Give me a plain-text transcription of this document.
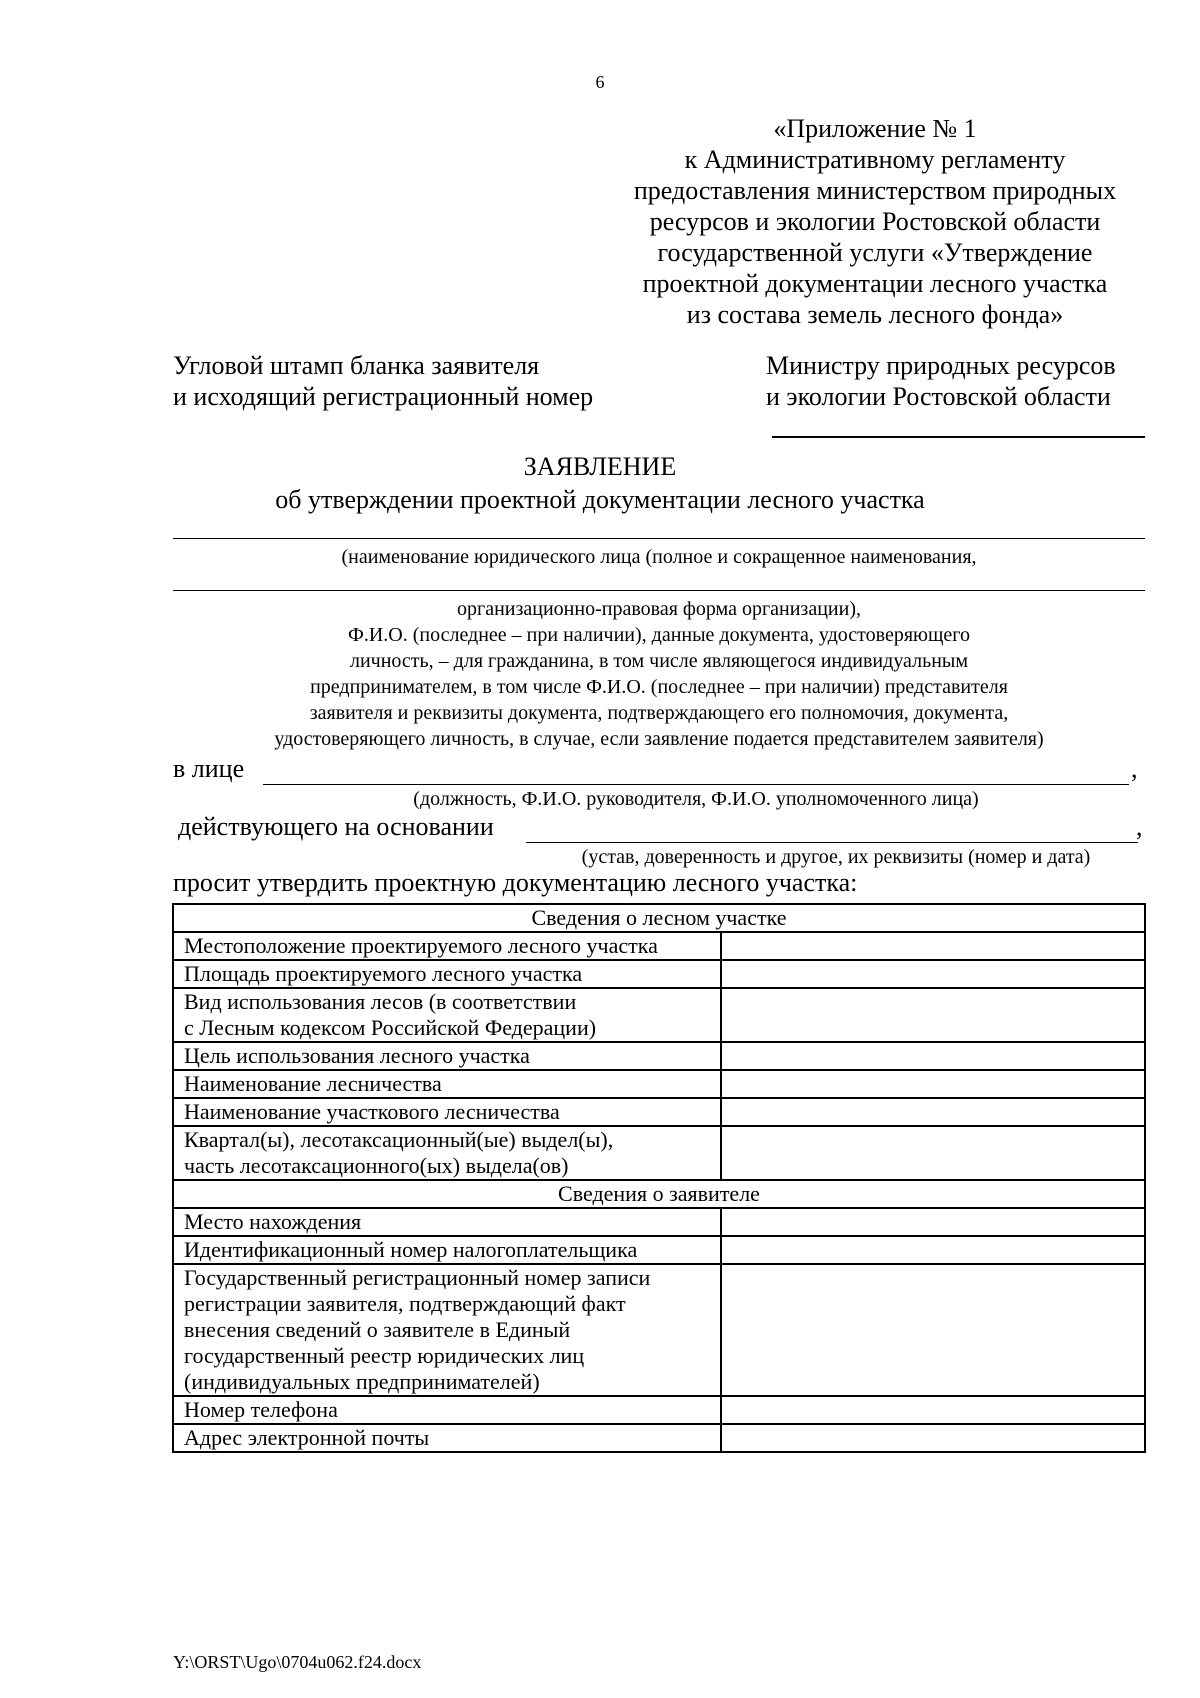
6
«Приложение № 1
к Административному регламенту
предоставления министерством природных
ресурсов и экологии Ростовской области
государственной услуги «Утверждение
проектной документации лесного участка
из состава земель лесного фонда»
Угловой штамп бланка заявителя
и исходящий регистрационный номер
Министру природных ресурсов
и экологии Ростовской области
ЗАЯВЛЕНИЕ
об утверждении проектной документации лесного участка
(наименование юридического лица (полное и сокращенное наименования,
организационно-правовая форма организации),
Ф.И.О. (последнее – при наличии), данные документа, удостоверяющего
личность, – для гражданина, в том числе являющегося индивидуальным
предпринимателем, в том числе Ф.И.О. (последнее – при наличии) представителя
заявителя и реквизиты документа, подтверждающего его полномочия, документа,
удостоверяющего личность, в случае, если заявление подается представителем заявителя)
в лице	,
(должность, Ф.И.О. руководителя, Ф.И.О. уполномоченного лица)
действующего на основании	,
(устав, доверенность и другое, их реквизиты (номер и дата)
просит утвердить проектную документацию лесного участка:
Сведения о лесном участке	
Местоположение проектируемого лесного участка	
Площадь проектируемого лесного участка	
Вид использования лесов (в соответствии
с Лесным кодексом Российской Федерации)	
Цель использования лесного участка	
Наименование лесничества	
Наименование участкового лесничества	
Квартал(ы), лесотаксационный(ые) выдел(ы),
часть лесотаксационного(ых) выдела(ов)	
Сведения о заявителе	
Место нахождения	
Идентификационный номер налогоплательщика	
Государственный регистрационный номер записи
регистрации заявителя, подтверждающий факт
внесения сведений о заявителе в Единый
государственный реестр юридических лиц
(индивидуальных предпринимателей)	
Номер телефона	
Адрес электронной почты	
Y:\ORST\Ugo\0704u062.f24.docx
